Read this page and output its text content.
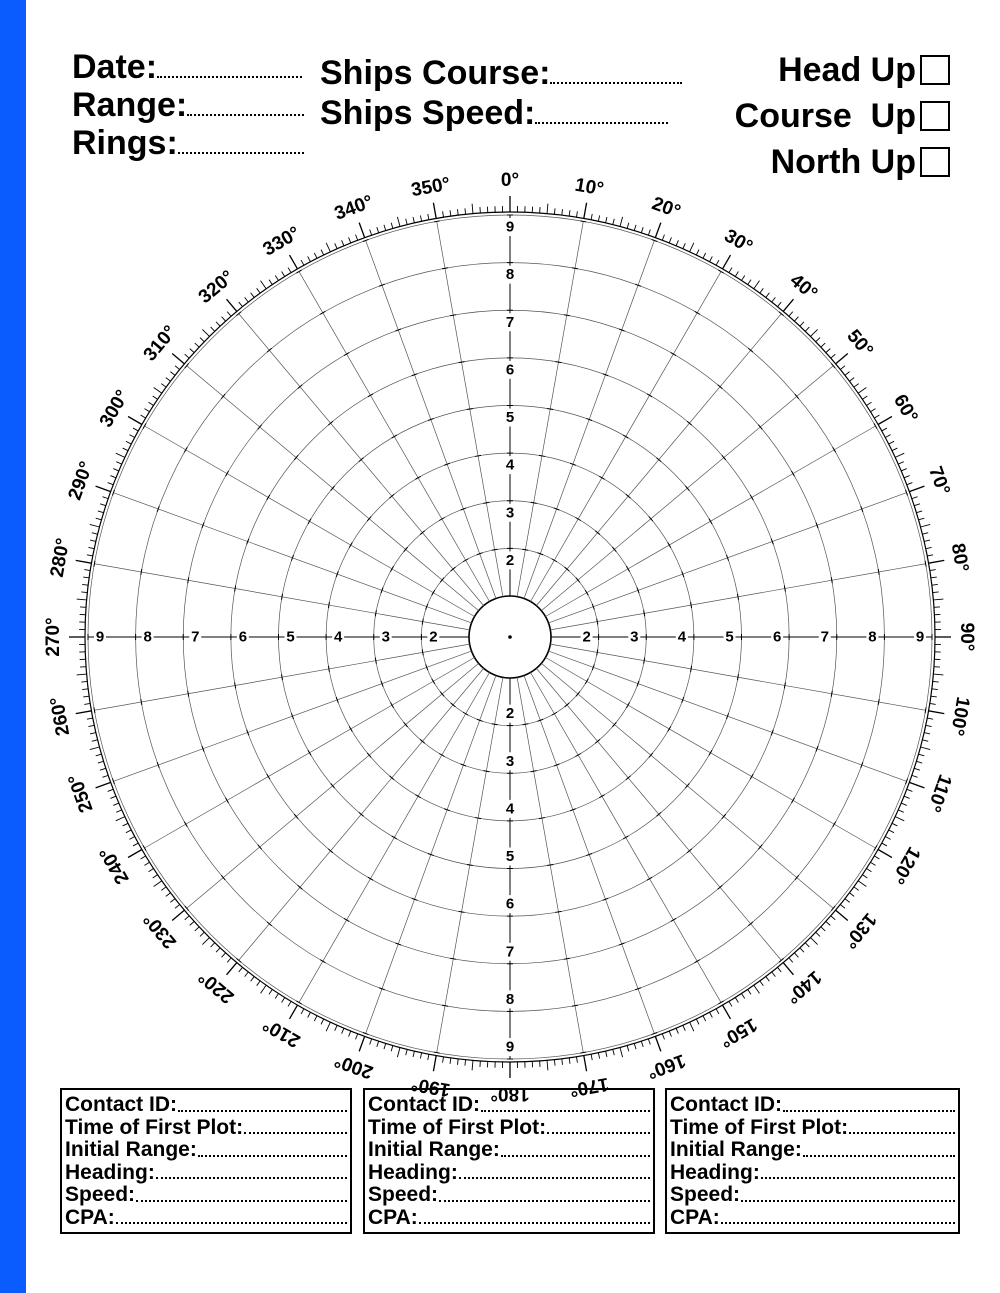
Date:
Range:
Rings:
Ships Course:
Ships Speed:
Head Up
Course  Up
North Up
0°	10°
20°
30°
40°
50°
60°
70°
80°
90°
100°
110°
120°
130°
140°
150°
160°
170°
180°
190°
200°
210°
220°
230°
240°
250°
260°
270°
280°
290°
300°
310°
320°
330°
340°
350°
2
2
2
2
3
3
3
3
4
4
4
4
5
5
5
5
6
6
6
6
7
7
7
7
8
8
8
8
9
9
9
9
Contact ID:
Time of First Plot:
Initial Range:
Heading:
Speed:
CPA:
Contact ID:
Time of First Plot:
Initial Range:
Heading:
Speed:
CPA:
Contact ID:
Time of First Plot:
Initial Range:
Heading:
Speed:
CPA:
